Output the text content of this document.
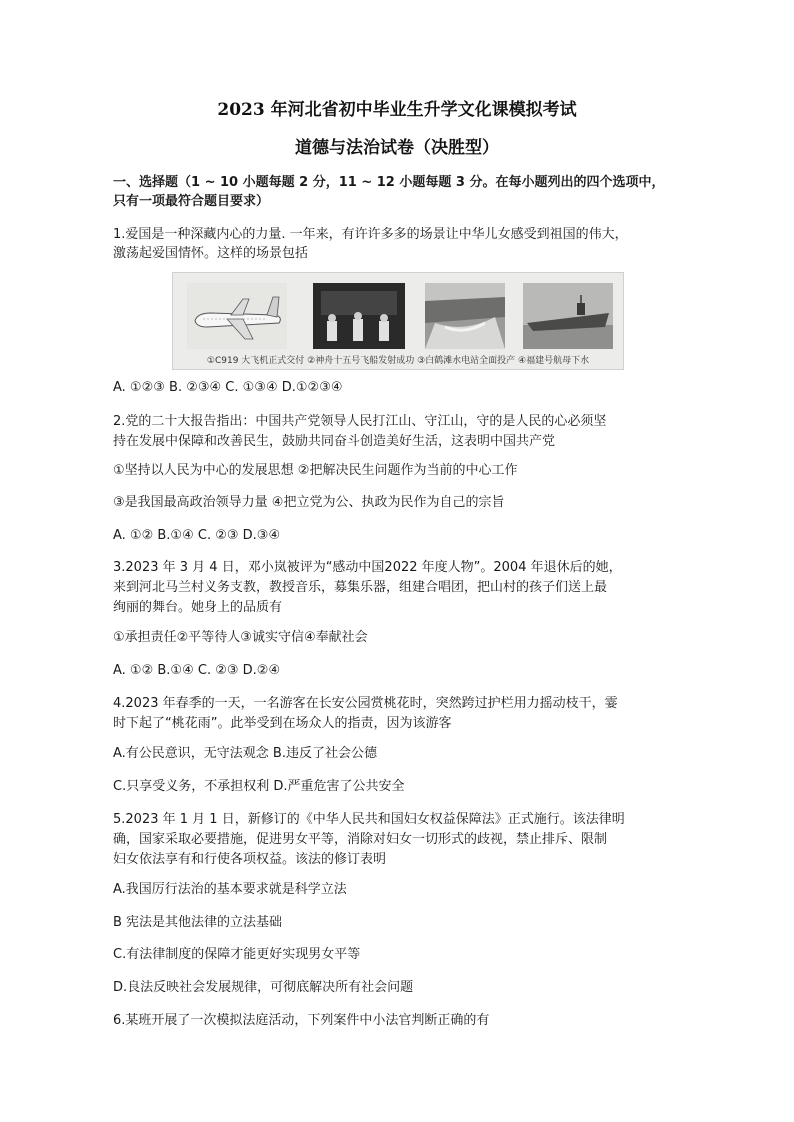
2023 年河北省初中毕业生升学文化课模拟考试
道德与法治试卷（决胜型）
一、选择题（1 ~ 10 小题每题 2 分，11 ~ 12 小题每题 3 分。在每小题列出的四个选项中，
只有一项最符合题目要求）
1.爱国是一种深藏内心的力量. 一年来，有许许多多的场景让中华儿女感受到祖国的伟大，
激荡起爱国情怀。这样的场景包括
①C919 大飞机正式交付 ②神舟十五号飞船发射成功 ③白鹤滩水电站全面投产 ④福建号航母下水
A. ①②③ B. ②③④ C. ①③④ D.①②③④
2.党的二十大报告指出：中国共产党领导人民打江山、守江山，守的是人民的心必须坚
持在发展中保障和改善民生，鼓励共同奋斗创造美好生活，这表明中国共产党
①坚持以人民为中心的发展思想 ②把解决民生问题作为当前的中心工作
③是我国最高政治领导力量 ④把立党为公、执政为民作为自己的宗旨
A. ①② B.①④ C. ②③ D.③④
3.2023 年 3 月 4 日，邓小岚被评为“感动中国2022 年度人物”。2004 年退休后的她，
来到河北马兰村义务支教，教授音乐，募集乐器，组建合唱团，把山村的孩子们送上最
绚丽的舞台。她身上的品质有
①承担责任②平等待人③诚实守信④奉献社会
A. ①② B.①④ C. ②③ D.②④
4.2023 年春季的一天，一名游客在长安公园赏桃花时，突然跨过护栏用力摇动枝干，霎
时下起了“桃花雨”。此举受到在场众人的指责，因为该游客
A.有公民意识，无守法观念 B.违反了社会公德
C.只享受义务，不承担权利 D.严重危害了公共安全
5.2023 年 1 月 1 日，新修订的《中华人民共和国妇女权益保障法》正式施行。该法律明
确，国家采取必要措施，促进男女平等，消除对妇女一切形式的歧视，禁止排斥、限制
妇女依法享有和行使各项权益。该法的修订表明
A.我国厉行法治的基本要求就是科学立法
B 宪法是其他法律的立法基础
C.有法律制度的保障才能更好实现男女平等
D.良法反映社会发展规律，可彻底解决所有社会问题
6.某班开展了一次模拟法庭活动，下列案件中小法官判断正确的有
